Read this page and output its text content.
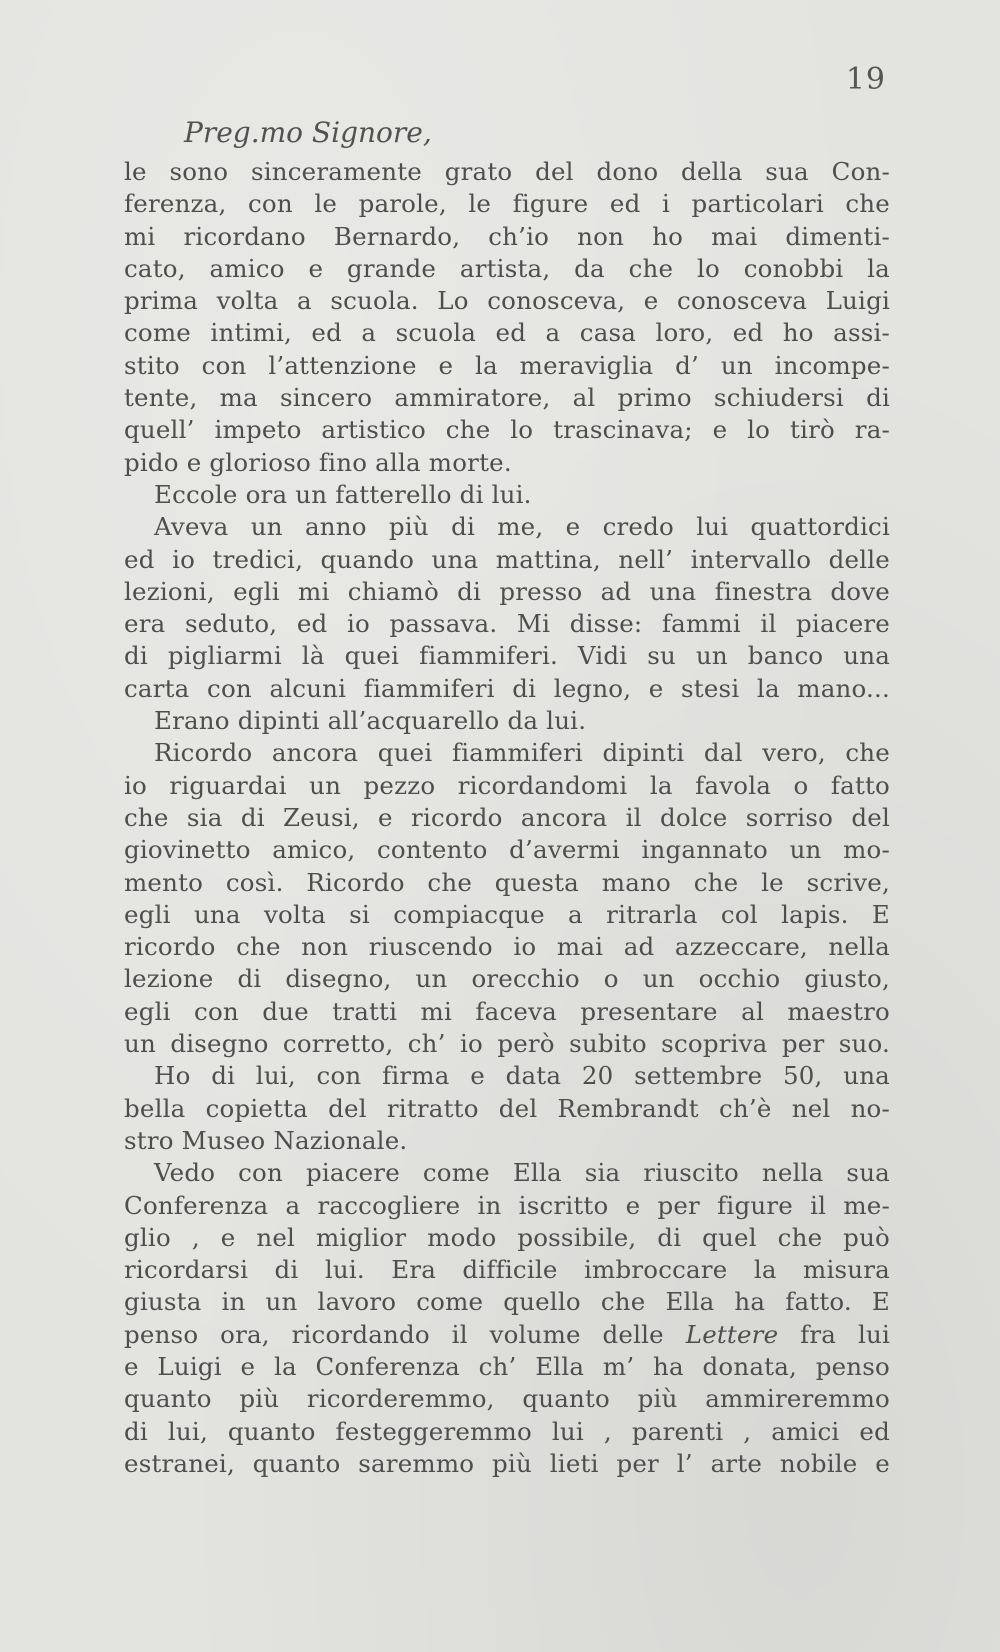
19
Preg.mo Signore,
le sono sinceramente grato del dono della sua Con-
ferenza, con le parole, le figure ed i particolari che
mi ricordano Bernardo, ch’io non ho mai dimenti-
cato, amico e grande artista, da che lo conobbi la
prima volta a scuola. Lo conosceva, e conosceva Luigi
come intimi, ed a scuola ed a casa loro, ed ho assi-
stito con l’attenzione e la meraviglia d’ un incompe-
tente, ma sincero ammiratore, al primo schiudersi di
quell’ impeto artistico che lo trascinava; e lo tirò ra-
pido e glorioso fino alla morte.
Eccole ora un fatterello di lui.
Aveva un anno più di me, e credo lui quattordici
ed io tredici, quando una mattina, nell’ intervallo delle
lezioni, egli mi chiamò di presso ad una finestra dove
era seduto, ed io passava. Mi disse: fammi il piacere
di pigliarmi là quei fiammiferi. Vidi su un banco una
carta con alcuni fiammiferi di legno, e stesi la mano...
Erano dipinti all’acquarello da lui.
Ricordo ancora quei fiammiferi dipinti dal vero, che
io riguardai un pezzo ricordandomi la favola o fatto
che sia di Zeusi, e ricordo ancora il dolce sorriso del
giovinetto amico, contento d’avermi ingannato un mo-
mento così. Ricordo che questa mano che le scrive,
egli una volta si compiacque a ritrarla col lapis. E
ricordo che non riuscendo io mai ad azzeccare, nella
lezione di disegno, un orecchio o un occhio giusto,
egli con due tratti mi faceva presentare al maestro
un disegno corretto, ch’ io però subito scopriva per suo.
Ho di lui, con firma e data 20 settembre 50, una
bella copietta del ritratto del Rembrandt ch’è nel no-
stro Museo Nazionale.
Vedo con piacere come Ella sia riuscito nella sua
Conferenza a raccogliere in iscritto e per figure il me-
glio , e nel miglior modo possibile, di quel che può
ricordarsi di lui. Era difficile imbroccare la misura
giusta in un lavoro come quello che Ella ha fatto. E
penso ora, ricordando il volume delle Lettere fra lui
e Luigi e la Conferenza ch’ Ella m’ ha donata, penso
quanto più ricorderemmo, quanto più ammireremmo
di lui, quanto festeggeremmo lui , parenti , amici ed
estranei, quanto saremmo più lieti per l’ arte nobile e
